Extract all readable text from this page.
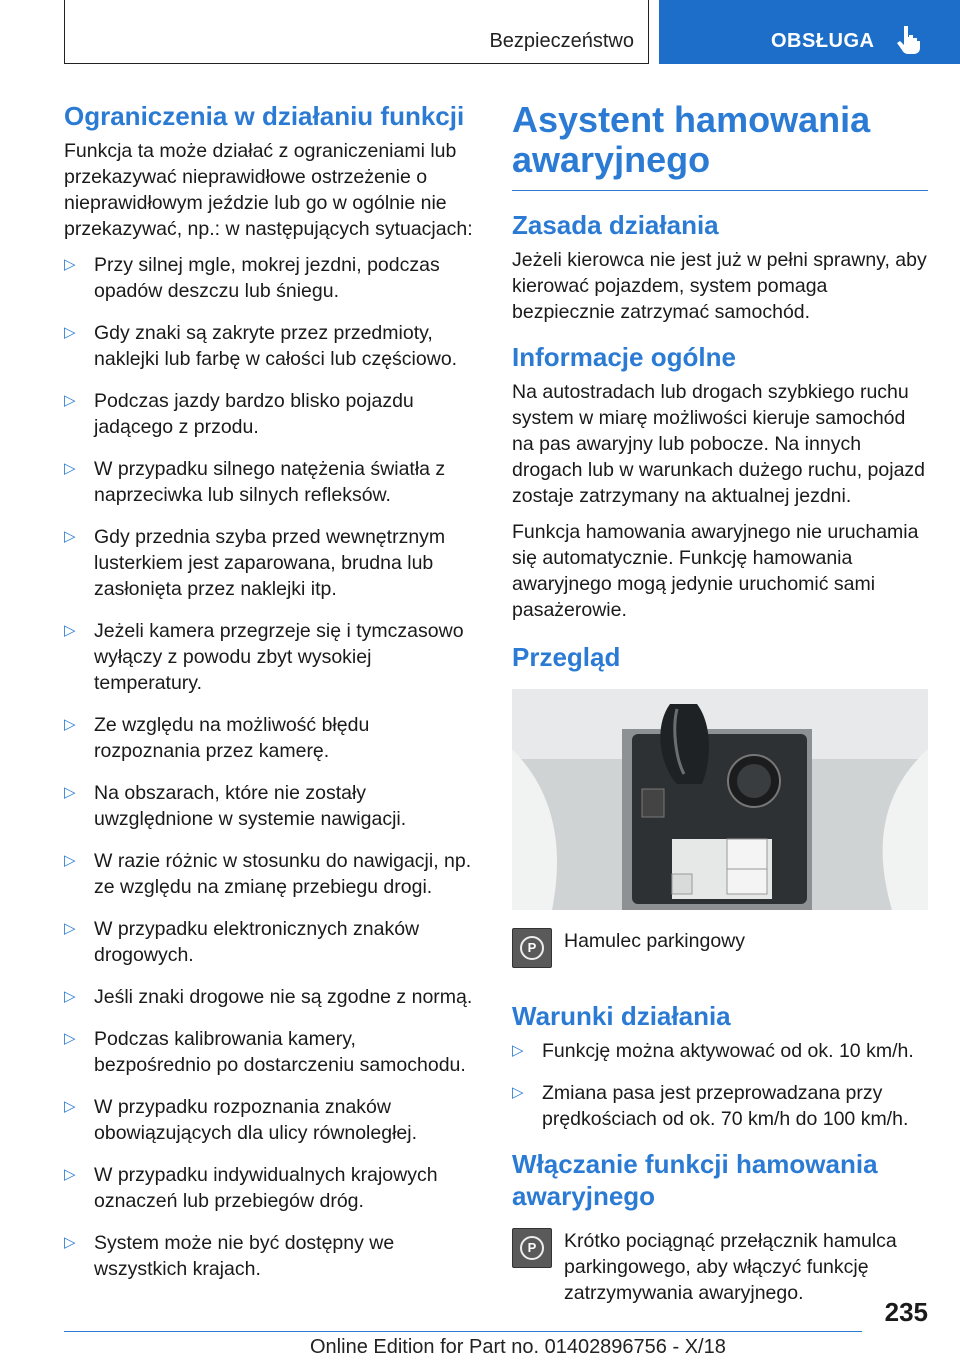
Bezpieczeństwo	OBSŁUGA
Ograniczenia w działaniu funkcji

Funkcja ta może działać z ograniczeniami lub przekazywać nieprawidłowe ostrzeżenie o nieprawidłowym jeździe lub go w ogólnie nie przekazywać, np.: w następujących sytuacjach:

▷ Przy silnej mgle, mokrej jezdni, podczas opadów deszczu lub śniegu.
▷ Gdy znaki są zakryte przez przedmioty, naklejki lub farbę w całości lub częściowo.
▷ Podczas jazdy bardzo blisko pojazdu jadącego z przodu.
▷ W przypadku silnego natężenia światła z naprzeciwka lub silnych refleksów.
▷ Gdy przednia szyba przed wewnętrznym lusterkiem jest zaparowana, brudna lub zasłonięta przez naklejki itp.
▷ Jeżeli kamera przegrzeje się i tymczasowo wyłączy z powodu zbyt wysokiej temperatury.
▷ Ze względu na możliwość błędu rozpoznania przez kamerę.
▷ Na obszarach, które nie zostały uwzględnione w systemie nawigacji.
▷ W razie różnic w stosunku do nawigacji, np. ze względu na zmianę przebiegu drogi.
▷ W przypadku elektronicznych znaków drogowych.
▷ Jeśli znaki drogowe nie są zgodne z normą.
▷ Podczas kalibrowania kamery, bezpośrednio po dostarczeniu samochodu.
▷ W przypadku rozpoznania znaków obowiązujących dla ulicy równoległej.
▷ W przypadku indywidualnych krajowych oznaczeń lub przebiegów dróg.
▷ System może nie być dostępny we wszystkich krajach.
Asystent hamowania awaryjnego
Zasada działania

Jeżeli kierowca nie jest już w pełni sprawny, aby kierować pojazdem, system pomaga bezpiecznie zatrzymać samochód.

Informacje ogólne

Na autostradach lub drogach szybkiego ruchu system w miarę możliwości kieruje samochód na pas awaryjny lub pobocze. Na innych drogach lub w warunkach dużego ruchu, pojazd zostaje zatrzymany na aktualnej jezdni.

Funkcja hamowania awaryjnego nie uruchamia się automatycznie. Funkcję hamowania awaryjnego mogą jedynie uruchomić sami pasażerowie.

Przegląd
P Hamulec parkingowy
Warunki działania
▷ Funkcję można aktywować od ok. 10 km/h.
▷ Zmiana pasa jest przeprowadzana przy prędkościach od ok. 70 km/h do 100 km/h.
Włączanie funkcji hamowania awaryjnego
P Krótko pociągnąć przełącznik hamulca parkingowego, aby włączyć funkcję zatrzymywania awaryjnego.
235
Online Edition for Part no. 01402896756 - X/18
